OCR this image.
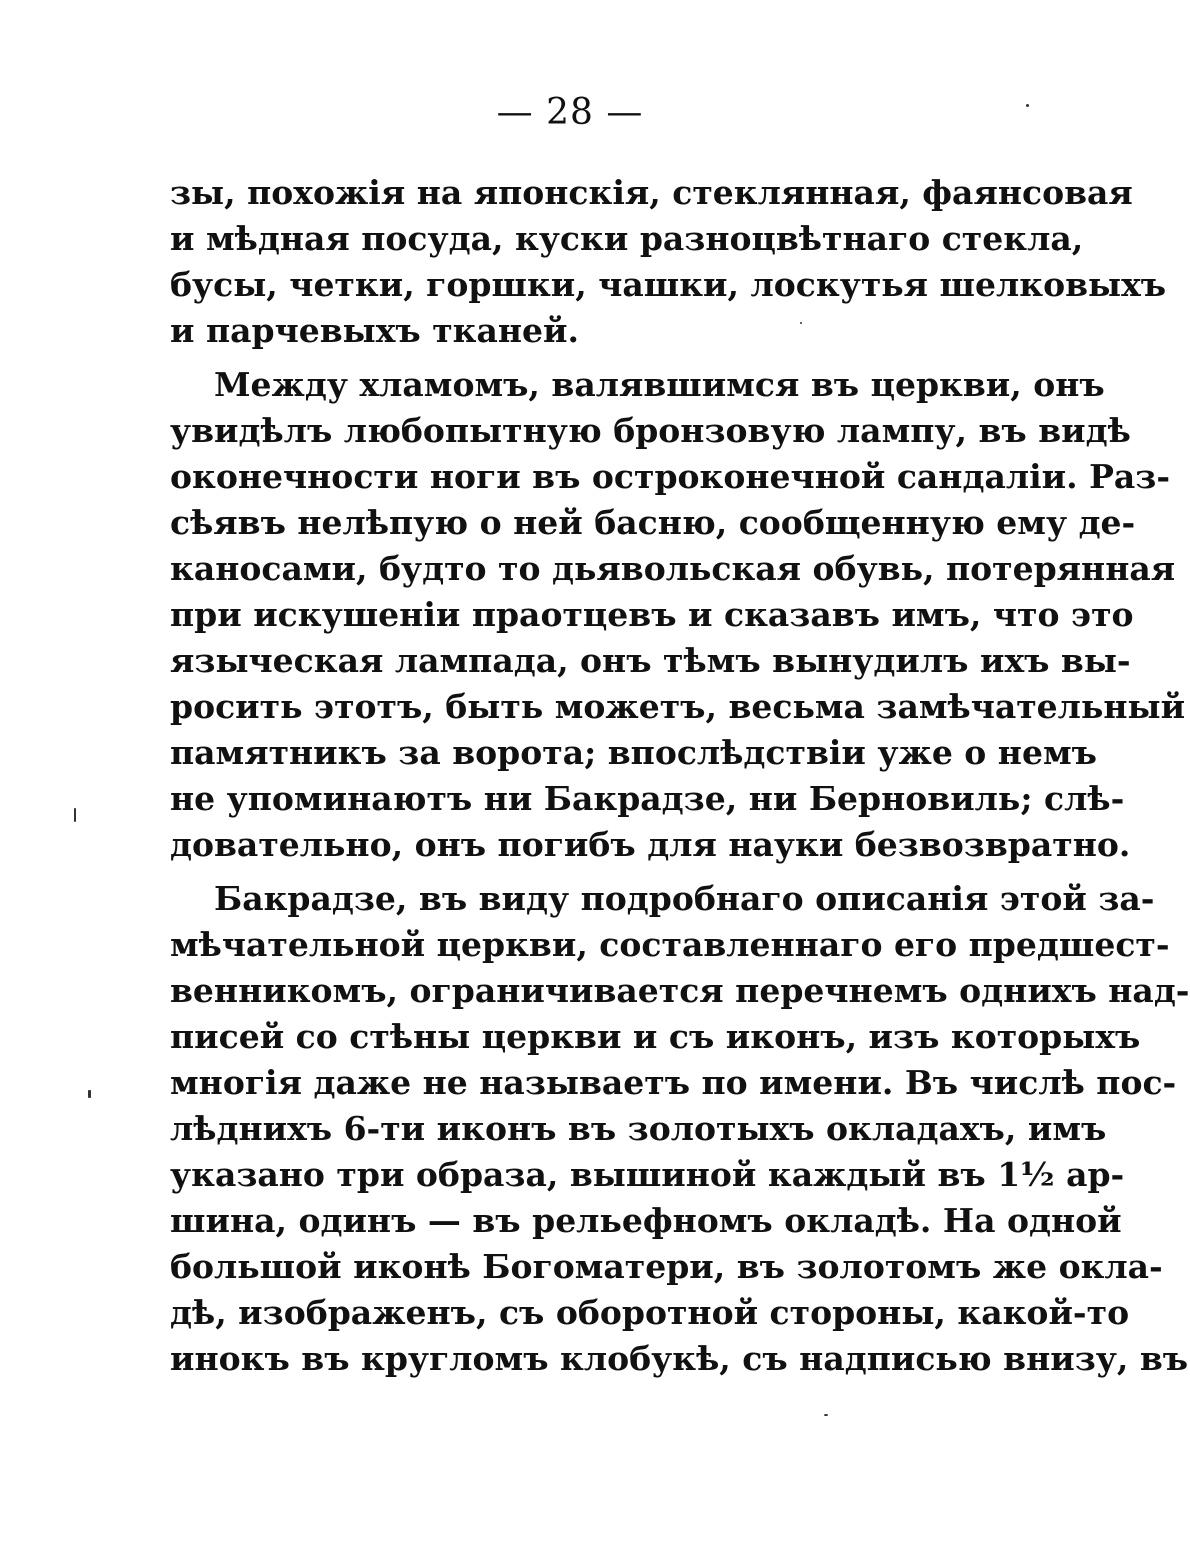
— 28 —
зы, похожія на японскія, стеклянная, фаянсовая
и мѣдная посуда, куски разноцвѣтнаго стекла,
бусы, четки, горшки, чашки, лоскутья шелковыхъ
и парчевыхъ тканей.
Между хламомъ, валявшимся въ церкви, онъ
увидѣлъ любопытную бронзовую лампу, въ видѣ
оконечности ноги въ остроконечной сандаліи. Раз-
сѣявъ нелѣпую о ней басню, сообщенную ему де-
каносами, будто то дьявольская обувь, потерянная
при искушеніи праотцевъ и сказавъ имъ, что это
языческая лампада, онъ тѣмъ вынудилъ ихъ вы-
росить этотъ, быть можетъ, весьма замѣчательный
памятникъ за ворота; впослѣдствіи уже о немъ
не упоминаютъ ни Бакрадзе, ни Берновиль; слѣ-
довательно, онъ погибъ для науки безвозвратно.
Бакрадзе, въ виду подробнаго описанія этой за-
мѣчательной церкви, составленнаго его предшест-
венникомъ, ограничивается перечнемъ однихъ над-
писей со стѣны церкви и съ иконъ, изъ которыхъ
многія даже не называетъ по имени. Въ числѣ пос-
лѣднихъ 6-ти иконъ въ золотыхъ окладахъ, имъ
указано три образа, вышиной каждый въ 1½ ар-
шина, одинъ — въ рельефномъ окладѣ. На одной
большой иконѣ Богоматери, въ золотомъ же окла-
дѣ, изображенъ, съ оборотной стороны, какой-то
инокъ въ кругломъ клобукѣ, съ надписью внизу, въ
